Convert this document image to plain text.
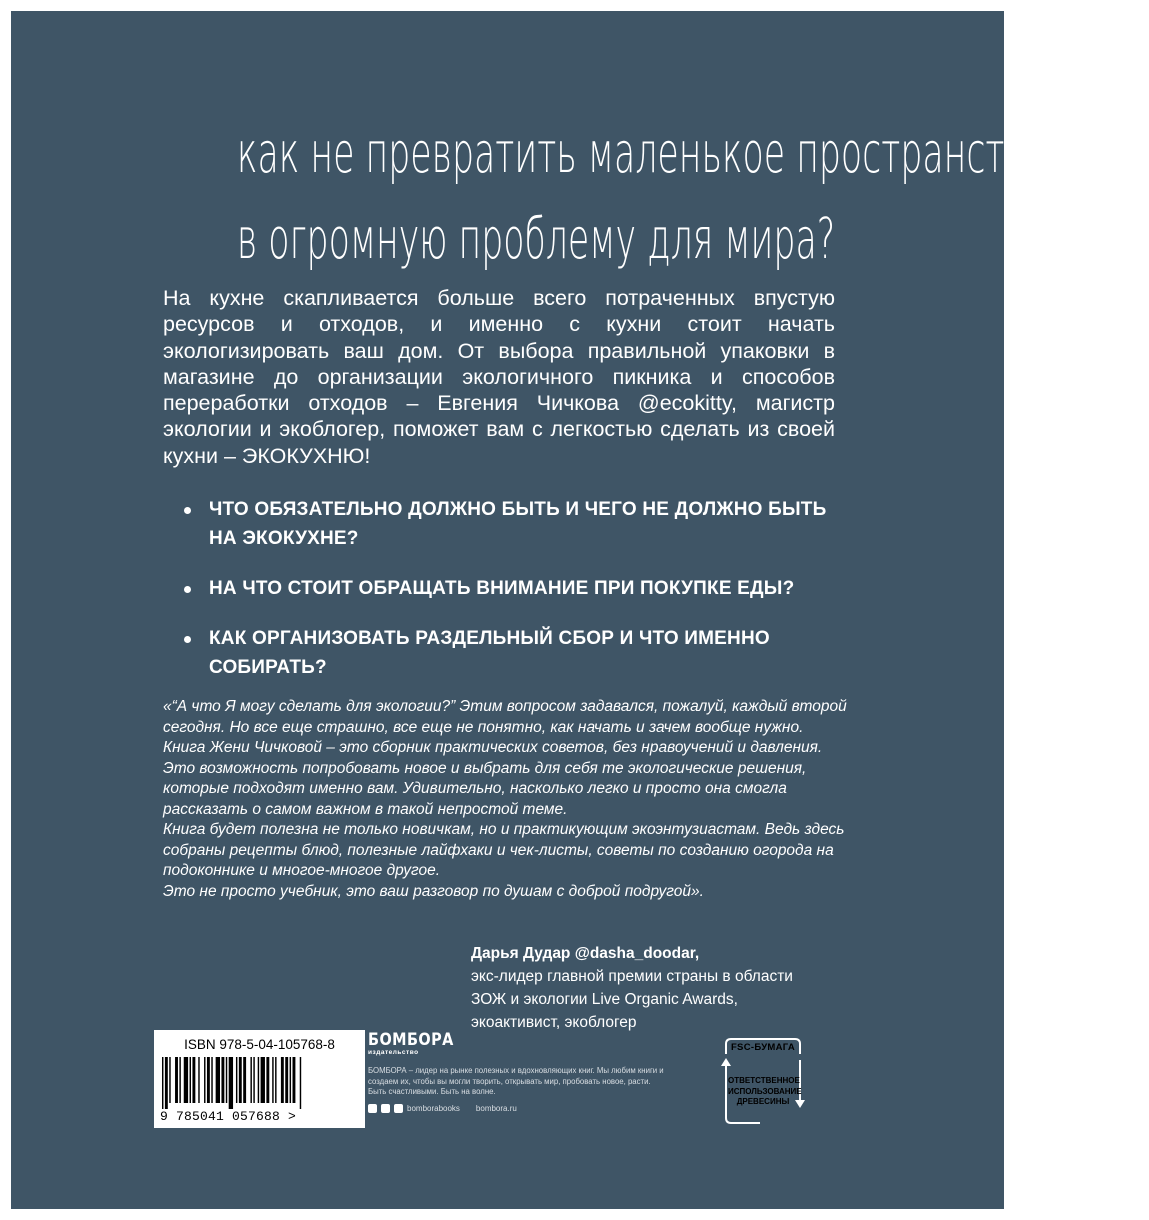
как не превратить маленькое пространство дома
в огромную проблему для мира?

На кухне скапливается больше всего потраченных впустую ресурсов и отходов, и именно с кухни стоит начать экологизировать ваш дом. От выбора правильной упаковки в магазине до организации экологичного пикника и способов переработки отходов – Евгения Чичкова @ecokitty, магистр экологии и экоблогер, поможет вам с легкостью сделать из своей кухни – ЭКОКУХНЮ!

ЧТО ОБЯЗАТЕЛЬНО ДОЛЖНО БЫТЬ И ЧЕГО НЕ ДОЛЖНО БЫТЬ НА ЭКОКУХНЕ?
НА ЧТО СТОИТ ОБРАЩАТЬ ВНИМАНИЕ ПРИ ПОКУПКЕ ЕДЫ?
КАК ОРГАНИЗОВАТЬ РАЗДЕЛЬНЫЙ СБОР И ЧТО ИМЕННО СОБИРАТЬ?

«“А что Я могу сделать для экологии?” Этим вопросом задавался, пожалуй, каждый второй сегодня. Но все еще страшно, все еще не понятно, как начать и зачем вообще нужно.

Книга Жени Чичковой – это сборник практических советов, без нравоучений и давления. Это возможность попробовать новое и выбрать для себя те экологические решения, которые подходят именно вам. Удивительно, насколько легко и просто она смогла рассказать о самом важном в такой непростой теме.

Книга будет полезна не только новичкам, но и практикующим экоэнтузиастам. Ведь здесь собраны рецепты блюд, полезные лайфхаки и чек-листы, советы по созданию огорода на подоконнике и многое-многое другое.

Это не просто учебник, это ваш разговор по душам с доброй подругой».

Дарья Дудар @dasha_doodar,
экс-лидер главной премии страны в области
ЗОЖ и экологии Live Organic Awards,
экоактивист, экоблогер
ISBN 978-5-04-105768-8
9 785041 057688 >
БОМБОРА
издательство
БОМБОРА – лидер на рынке полезных и вдохновляющих книг. Мы любим книги и создаем их, чтобы вы могли творить, открывать мир, пробовать новое, расти. Быть счастливыми. Быть на волне.
bomborabooks bombora.ru
FSC-БУМАГА
ОТВЕТСТВЕННОЕ
ИСПОЛЬЗОВАНИЕ
ДРЕВЕСИНЫ
